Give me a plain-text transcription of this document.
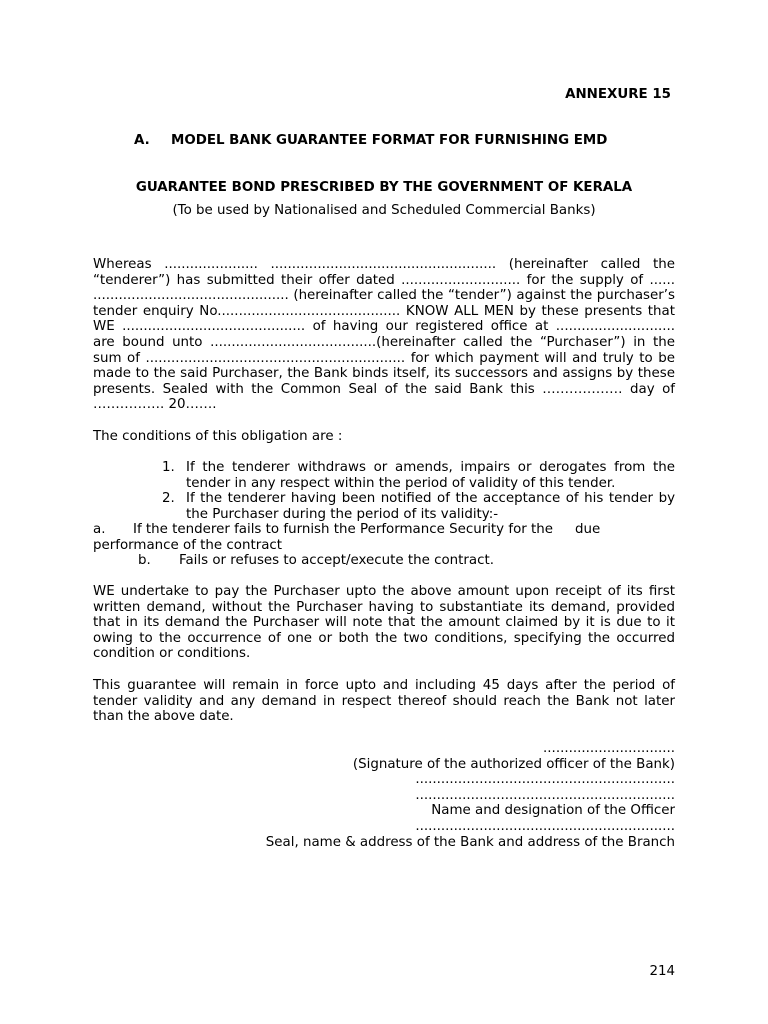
ANNEXURE 15
A. MODEL BANK GUARANTEE FORMAT FOR FURNISHING EMD
GUARANTEE BOND PRESCRIBED BY THE GOVERNMENT OF KERALA
(To be used by Nationalised and Scheduled Commercial Banks)

Whereas ...................... ..................................................... (hereinafter called the “tenderer”) has submitted their offer dated ............................ for the supply of ...... .............................................. (hereinafter called the “tender”) against the purchaser’s tender enquiry No........................................... KNOW ALL MEN by these presents that WE ........................................... of having our registered office at ............................ are bound unto .......................................(hereinafter called the “Purchaser”) in the sum of ............................................................. for which payment will and truly to be made to the said Purchaser, the Bank binds itself, its successors and assigns by these presents. Sealed with the Common Seal of the said Bank this ……………… day of ……………. 20…….

The conditions of this obligation are :

1. If the tenderer withdraws or amends, impairs or derogates from the tender in any respect within the period of validity of this tender.
2. If the tenderer having been notified of the acceptance of his tender by the Purchaser during the period of its validity:-
a. If the tenderer fails to furnish the Performance Security for the due
performance of the contract
b. Fails or refuses to accept/execute the contract.

WE undertake to pay the Purchaser upto the above amount upon receipt of its first written demand, without the Purchaser having to substantiate its demand, provided that in its demand the Purchaser will note that the amount claimed by it is due to it owing to the occurrence of one or both the two conditions, specifying the occurred condition or conditions.

This guarantee will remain in force upto and including 45 days after the period of tender validity and any demand in respect thereof should reach the Bank not later than the above date.

...............................
(Signature of the authorized officer of the Bank)
.............................................................
.............................................................
Name and designation of the Officer
.............................................................
Seal, name & address of the Bank and address of the Branch
214
